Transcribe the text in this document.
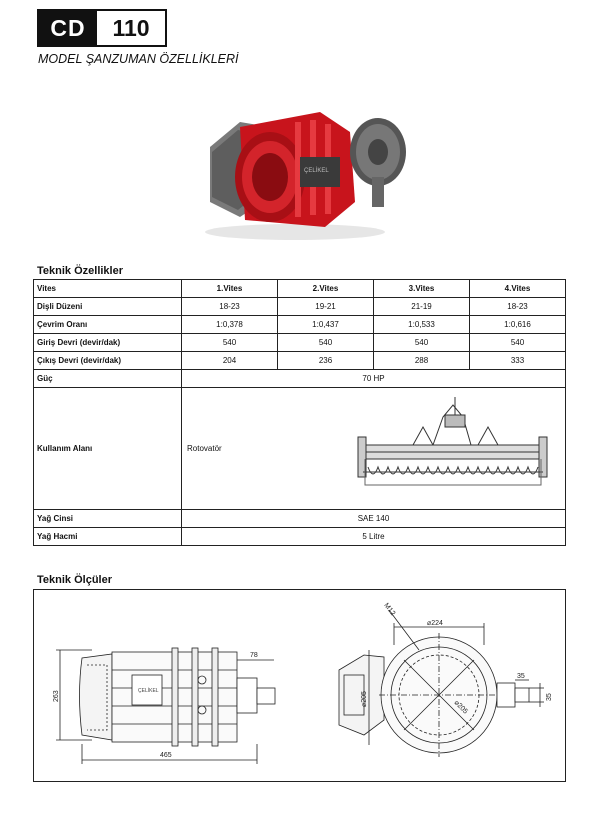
CD	110
MODEL ŞANZUMAN ÖZELLİKLERİ
ÇELİKEL
Teknik Özellikler
Vites	1.Vites	2.Vites	3.Vites	4.Vites
Dişli Düzeni	18-23	19-21	21-19	18-23
Çevrim Oranı	1:0,378	1:0,437	1:0,533	1:0,616
Giriş Devri (devir/dak)	540	540	540	540
Çıkış Devri (devir/dak)	204	236	288	333
Güç	70 HP			
Kullanım Alanı	Rotovatör			

Yağ Cinsi	SAE 140			
Yağ Hacmi	5 Litre			
Teknik Ölçüler
263
465
78
ÇELİKEL
M12
⌀224
⌀205
⌀205
35
35
